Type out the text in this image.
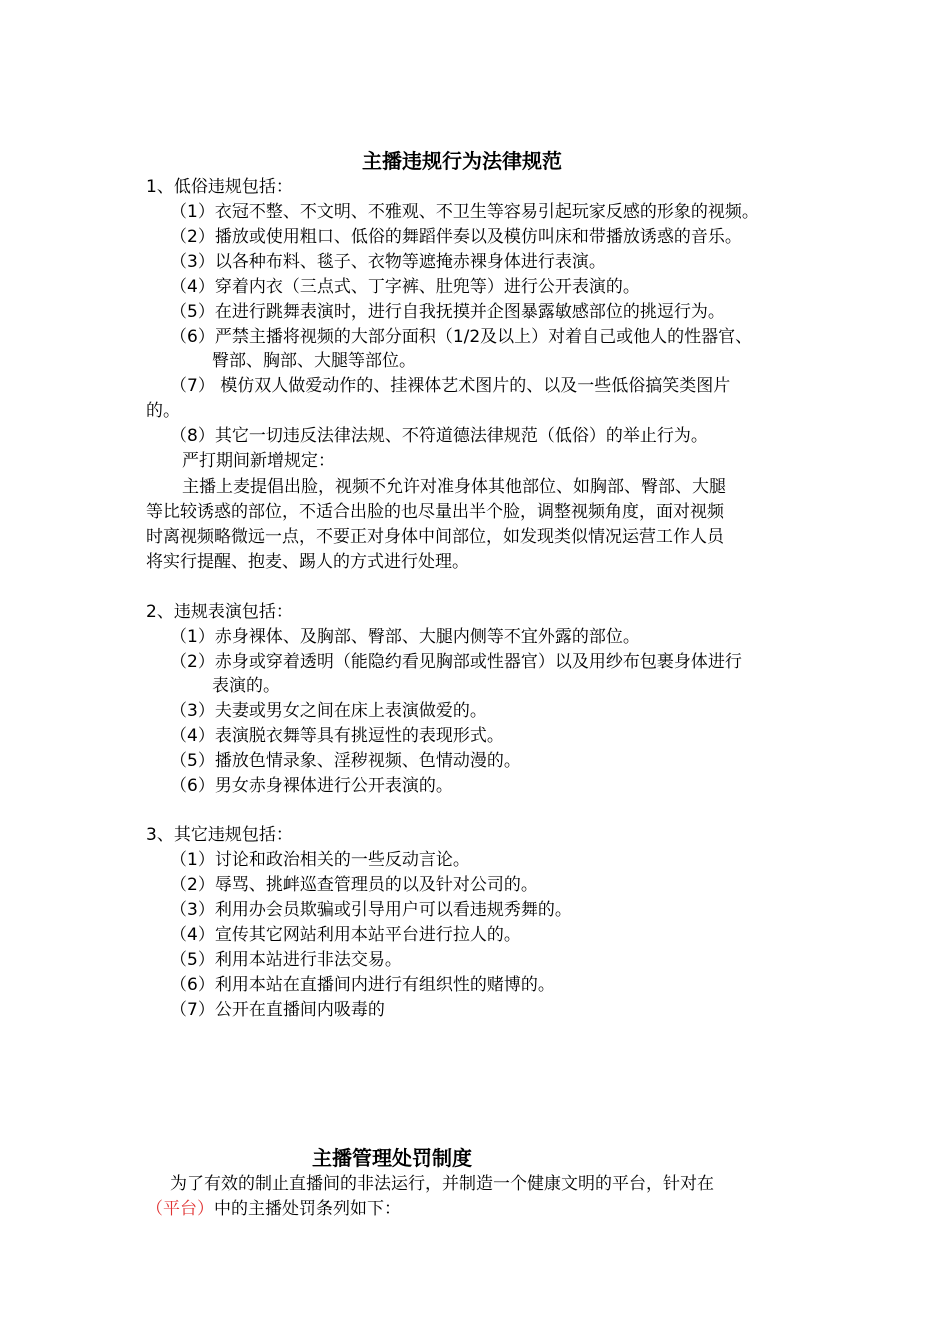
主播违规行为法律规范
1、低俗违规包括：
（1）衣冠不整、不文明、不雅观、不卫生等容易引起玩家反感的形象的视频。
（2）播放或使用粗口、低俗的舞蹈伴奏以及模仿叫床和带播放诱惑的音乐。
（3）以各种布料、毯子、衣物等遮掩赤裸身体进行表演。
（4）穿着内衣（三点式、丁字裤、肚兜等）进行公开表演的。
（5）在进行跳舞表演时，进行自我抚摸并企图暴露敏感部位的挑逗行为。
（6）严禁主播将视频的大部分面积（1/2及以上）对着自己或他人的性器官、
臀部、胸部、大腿等部位。
（7） 模仿双人做爱动作的、挂裸体艺术图片的、以及一些低俗搞笑类图片
的。
（8）其它一切违反法律法规、不符道德法律规范（低俗）的举止行为。
严打期间新增规定：
主播上麦提倡出脸，视频不允许对准身体其他部位、如胸部、臀部、大腿
等比较诱惑的部位，不适合出脸的也尽量出半个脸，调整视频角度，面对视频
时离视频略微远一点，不要正对身体中间部位，如发现类似情况运营工作人员
将实行提醒、抱麦、踢人的方式进行处理。
2、违规表演包括：
（1）赤身裸体、及胸部、臀部、大腿内侧等不宜外露的部位。
（2）赤身或穿着透明（能隐约看见胸部或性器官）以及用纱布包裹身体进行
表演的。
（3）夫妻或男女之间在床上表演做爱的。
（4）表演脱衣舞等具有挑逗性的表现形式。
（5）播放色情录象、淫秽视频、色情动漫的。
（6）男女赤身裸体进行公开表演的。
3、其它违规包括：
（1）讨论和政治相关的一些反动言论。
（2）辱骂、挑衅巡查管理员的以及针对公司的。
（3）利用办会员欺骗或引导用户可以看违规秀舞的。
（4）宣传其它网站利用本站平台进行拉人的。
（5）利用本站进行非法交易。
（6）利用本站在直播间内进行有组织性的赌博的。
（7）公开在直播间内吸毒的
主播管理处罚制度
为了有效的制止直播间的非法运行，并制造一个健康文明的平台，针对在
（平台）中的主播处罚条列如下：
